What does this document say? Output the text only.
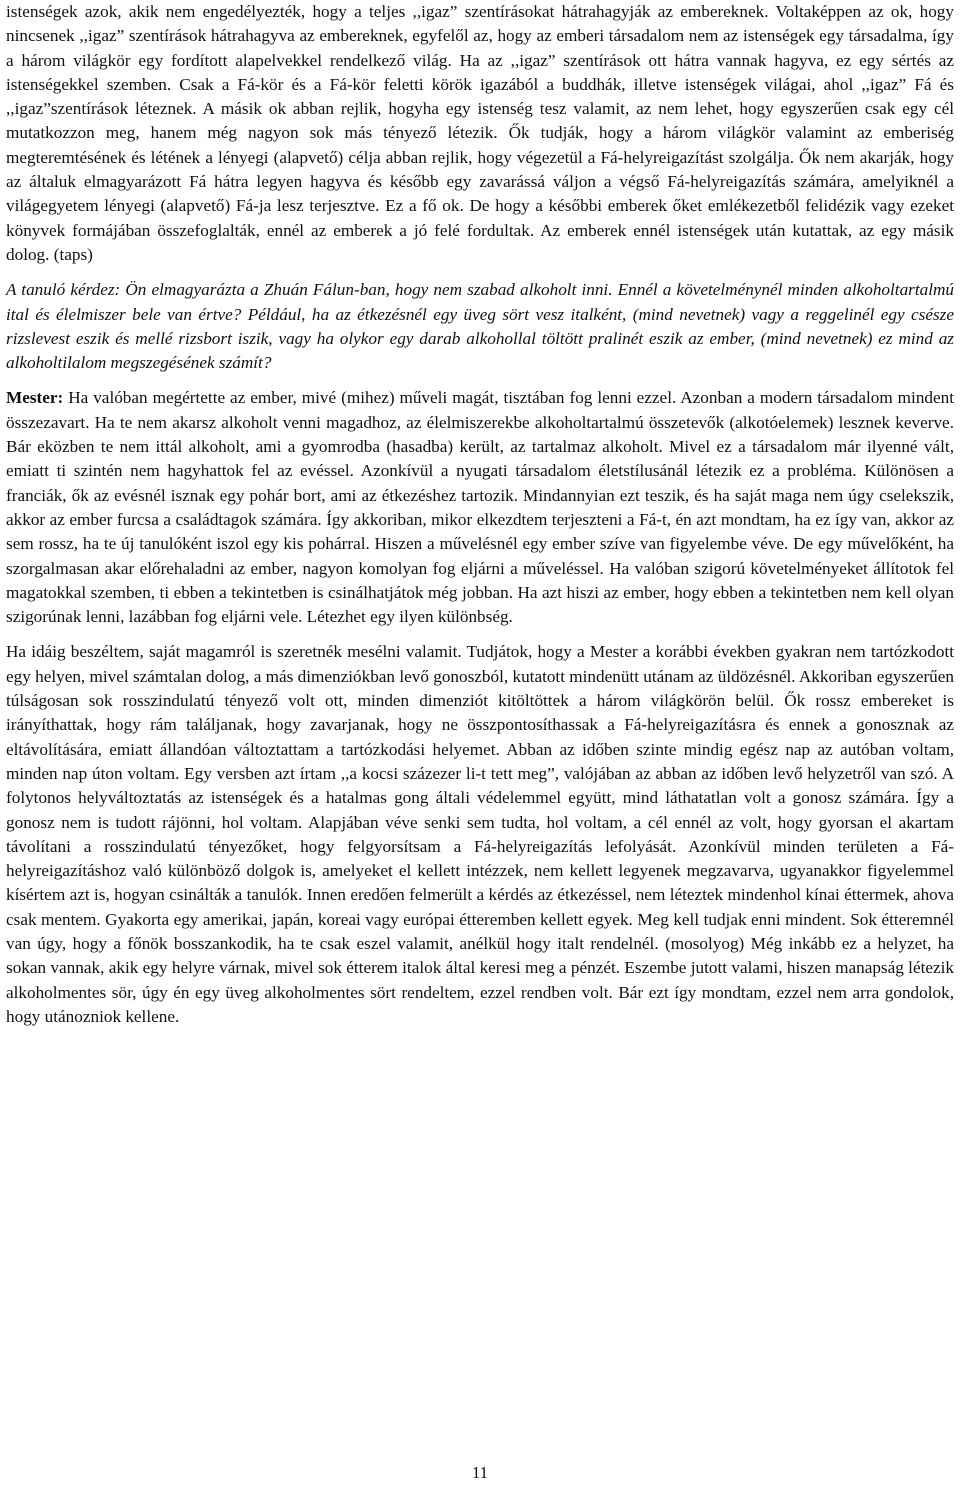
istenségek azok, akik nem engedélyezték, hogy a teljes ,,igaz” szentírásokat hátrahagyják az embereknek. Voltaképpen az ok, hogy nincsenek ,,igaz” szentírások hátrahagyva az embereknek, egyfelől az, hogy az emberi társadalom nem az istenségek egy társadalma, így a három világkör egy fordított alapelvekkel rendelkező világ. Ha az ,,igaz” szentírások ott hátra vannak hagyva, ez egy sértés az istenségekkel szemben. Csak a Fá-kör és a Fá-kör feletti körök igazából a buddhák, illetve istenségek világai, ahol ,,igaz” Fá és ,,igaz”szentírások léteznek. A másik ok abban rejlik, hogyha egy istenség tesz valamit, az nem lehet, hogy egyszerűen csak egy cél mutatkozzon meg, hanem még nagyon sok más tényező létezik. Ők tudják, hogy a három világkör valamint az emberiség megteremtésének és létének a lényegi (alapvető) célja abban rejlik, hogy végezetül a Fá-helyreigazítást szolgálja. Ők nem akarják, hogy az általuk elmagyarázott Fá hátra legyen hagyva és később egy zavarássá váljon a végső Fá-helyreigazítás számára, amelyiknél a világegyetem lényegi (alapvető) Fá-ja lesz terjesztve. Ez a fő ok. De hogy a későbbi emberek őket emlékezetből felidézik vagy ezeket könyvek formájában összefoglalták, ennél az emberek a jó felé fordultak. Az emberek ennél istenségek után kutattak, az egy másik dolog. (taps)

A tanuló kérdez: Ön elmagyarázta a Zhuán Fálun-ban, hogy nem szabad alkoholt inni. Ennél a követelménynél minden alkoholtartalmú ital és élelmiszer bele van értve? Például, ha az étkezésnél egy üveg sört vesz italként, (mind nevetnek) vagy a reggelinél egy csésze rizslevest eszik és mellé rizsbort iszik, vagy ha olykor egy darab alkohollal töltött pralinét eszik az ember, (mind nevetnek) ez mind az alkoholtilalom megszegésének számít?

Mester: Ha valóban megértette az ember, mivé (mihez) műveli magát, tisztában fog lenni ezzel. Azonban a modern társadalom mindent összezavart. Ha te nem akarsz alkoholt venni magadhoz, az élelmiszerekbe alkoholtartalmú összetevők (alkotóelemek) lesznek keverve. Bár eközben te nem ittál alkoholt, ami a gyomrodba (hasadba) került, az tartalmaz alkoholt. Mivel ez a társadalom már ilyenné vált, emiatt ti szintén nem hagyhattok fel az evéssel. Azonkívül a nyugati társadalom életstílusánál létezik ez a probléma. Különösen a franciák, ők az evésnél isznak egy pohár bort, ami az étkezéshez tartozik. Mindannyian ezt teszik, és ha saját maga nem úgy cselekszik, akkor az ember furcsa a családtagok számára. Így akkoriban, mikor elkezdtem terjeszteni a Fá-t, én azt mondtam, ha ez így van, akkor az sem rossz, ha te új tanulóként iszol egy kis pohárral. Hiszen a művelésnél egy ember szíve van figyelembe véve. De egy művelőként, ha szorgalmasan akar előrehaladni az ember, nagyon komolyan fog eljárni a műveléssel. Ha valóban szigorú követelményeket állítotok fel magatokkal szemben, ti ebben a tekintetben is csinálhatjátok még jobban. Ha azt hiszi az ember, hogy ebben a tekintetben nem kell olyan szigorúnak lenni, lazábban fog eljárni vele. Létezhet egy ilyen különbség.

Ha idáig beszéltem, saját magamról is szeretnék mesélni valamit. Tudjátok, hogy a Mester a korábbi években gyakran nem tartózkodott egy helyen, mivel számtalan dolog, a más dimenziókban levő gonoszból, kutatott mindenütt utánam az üldözésnél. Akkoriban egyszerűen túlságosan sok rosszindulatú tényező volt ott, minden dimenziót kitöltöttek a három világkörön belül. Ők rossz embereket is irányíthattak, hogy rám találjanak, hogy zavarjanak, hogy ne összpontosíthassak a Fá-helyreigazításra és ennek a gonosznak az eltávolítására, emiatt állandóan változtattam a tartózkodási helyemet. Abban az időben szinte mindig egész nap az autóban voltam, minden nap úton voltam. Egy versben azt írtam ,,a kocsi százezer li-t tett meg”, valójában az abban az időben levő helyzetről van szó. A folytonos helyváltoztatás az istenségek és a hatalmas gong általi védelemmel együtt, mind láthatatlan volt a gonosz számára. Így a gonosz nem is tudott rájönni, hol voltam. Alapjában véve senki sem tudta, hol voltam, a cél ennél az volt, hogy gyorsan el akartam távolítani a rosszindulatú tényezőket, hogy felgyorsítsam a Fá-helyreigazítás lefolyását. Azonkívül minden területen a Fá-helyreigazításhoz való különböző dolgok is, amelyeket el kellett intézzek, nem kellett legyenek megzavarva, ugyanakkor figyelemmel kísértem azt is, hogyan csinálták a tanulók. Innen eredően felmerült a kérdés az étkezéssel, nem léteztek mindenhol kínai éttermek, ahova csak mentem. Gyakorta egy amerikai, japán, koreai vagy európai étteremben kellett egyek. Meg kell tudjak enni mindent. Sok étteremnél van úgy, hogy a főnök bosszankodik, ha te csak eszel valamit, anélkül hogy italt rendelnél. (mosolyog) Még inkább ez a helyzet, ha sokan vannak, akik egy helyre várnak, mivel sok étterem italok által keresi meg a pénzét. Eszembe jutott valami, hiszen manapság létezik alkoholmentes sör, úgy én egy üveg alkoholmentes sört rendeltem, ezzel rendben volt. Bár ezt így mondtam, ezzel nem arra gondolok, hogy utánozniok kellene.

11
